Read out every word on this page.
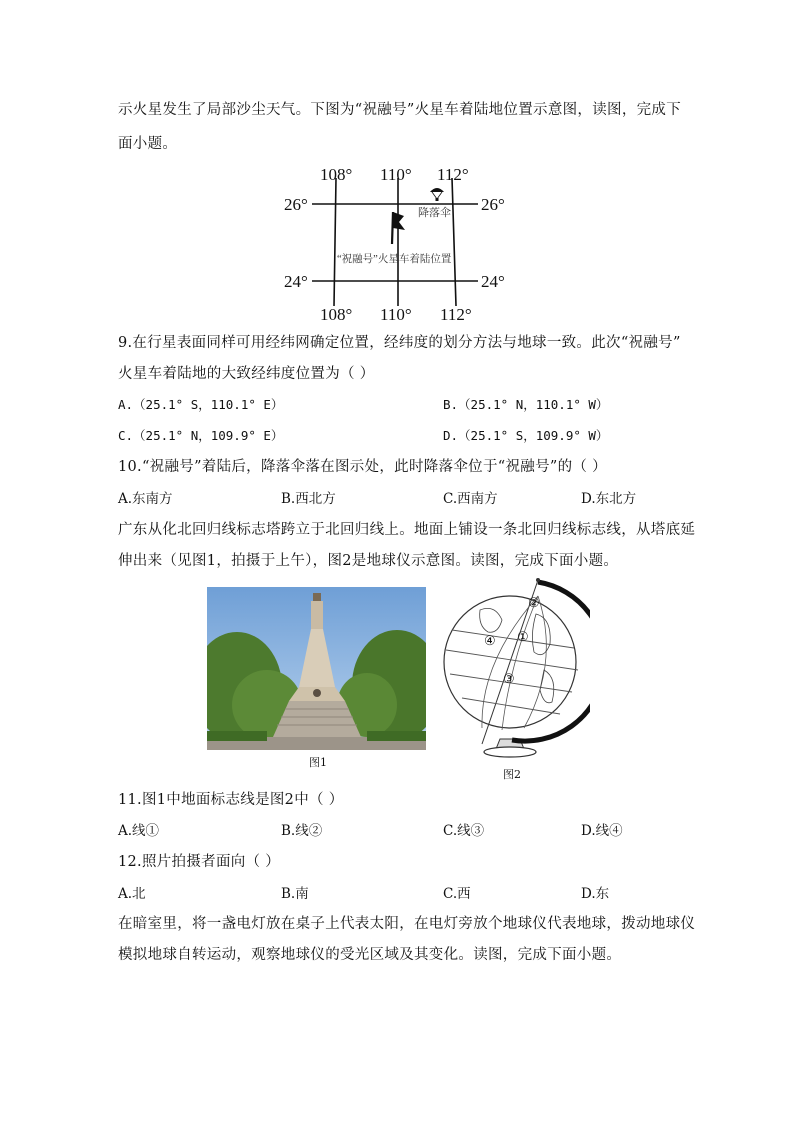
示火星发生了局部沙尘天气。下图为“祝融号”火星车着陆地位置示意图，读图，完成下
面小题。
108° 110° 112°
108° 110° 112°
26°	26°
24°	24°
降落伞
“祝融号”火星车着陆位置
9.在行星表面同样可用经纬网确定位置，经纬度的划分方法与地球一致。此次“祝融号”
火星车着陆地的大致经纬度位置为（ ）
A.（25.1° S，110.1° E）	B.（25.1° N，110.1° W）
C.（25.1° N，109.9° E）	D.（25.1° S，109.9° W）
10.“祝融号”着陆后，降落伞落在图示处，此时降落伞位于“祝融号”的（ ）
A.东南方	B.西北方	C.西南方	D.东北方
广东从化北回归线标志塔跨立于北回归线上。地面上铺设一条北回归线标志线，从塔底延
伸出来（见图1，拍摄于上午），图2是地球仪示意图。读图，完成下面小题。
图1
①
②
③
④
图2
11.图1中地面标志线是图2中（ ）
A.线①	B.线②	C.线③	D.线④
12.照片拍摄者面向（ ）
A.北	B.南	C.西	D.东
在暗室里，将一盏电灯放在桌子上代表太阳，在电灯旁放个地球仪代表地球，拨动地球仪
模拟地球自转运动，观察地球仪的受光区域及其变化。读图，完成下面小题。
